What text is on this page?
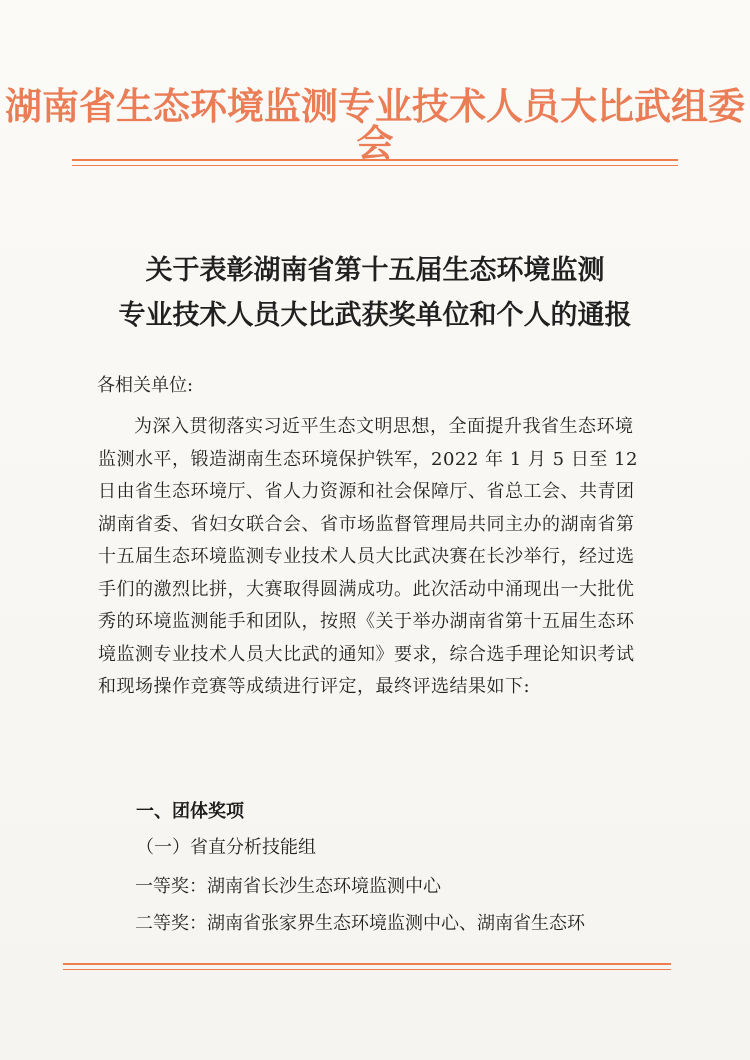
湖南省生态环境监测专业技术人员大比武组委会
关于表彰湖南省第十五届生态环境监测
专业技术人员大比武获奖单位和个人的通报
各相关单位:
为深入贯彻落实习近平生态文明思想，全面提升我省生态环境监测水平，锻造湖南生态环境保护铁军，2022 年 1 月 5 日至 12 日由省生态环境厅、省人力资源和社会保障厅、省总工会、共青团湖南省委、省妇女联合会、省市场监督管理局共同主办的湖南省第十五届生态环境监测专业技术人员大比武决赛在长沙举行，经过选手们的激烈比拼，大赛取得圆满成功。此次活动中涌现出一大批优秀的环境监测能手和团队，按照《关于举办湖南省第十五届生态环境监测专业技术人员大比武的通知》要求，综合选手理论知识考试和现场操作竞赛等成绩进行评定，最终评选结果如下:
一、团体奖项
（一）省直分析技能组
一等奖：湖南省长沙生态环境监测中心
二等奖：湖南省张家界生态环境监测中心、湖南省生态环
